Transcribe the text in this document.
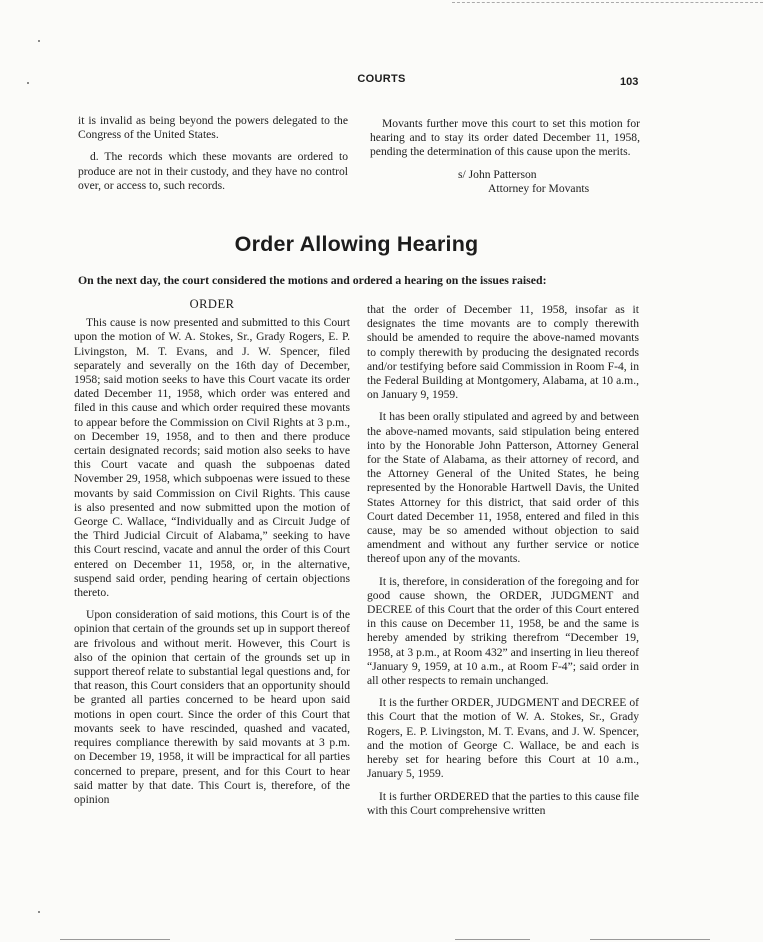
COURTS	103

it is invalid as being beyond the powers delegated to the Congress of the United States.

d. The records which these movants are ordered to produce are not in their custody, and they have no control over, or access to, such records.

Movants further move this court to set this motion for hearing and to stay its order dated December 11, 1958, pending the determination of this cause upon the merits.

s/ John Patterson
Attorney for Movants
Order Allowing Hearing
On the next day, the court considered the motions and ordered a hearing on the issues raised:
ORDER

This cause is now presented and submitted to this Court upon the motion of W. A. Stokes, Sr., Grady Rogers, E. P. Livingston, M. T. Evans, and J. W. Spencer, filed separately and severally on the 16th day of December, 1958; said motion seeks to have this Court vacate its order dated December 11, 1958, which order was entered and filed in this cause and which order required these movants to appear before the Commission on Civil Rights at 3 p.m., on December 19, 1958, and to then and there produce certain designated records; said motion also seeks to have this Court vacate and quash the subpoenas dated November 29, 1958, which subpoenas were issued to these movants by said Commission on Civil Rights. This cause is also presented and now submitted upon the motion of George C. Wallace, “Individually and as Circuit Judge of the Third Judicial Circuit of Alabama,” seeking to have this Court rescind, vacate and annul the order of this Court entered on December 11, 1958, or, in the alternative, suspend said order, pending hearing of certain objections thereto.

Upon consideration of said motions, this Court is of the opinion that certain of the grounds set up in support thereof are frivolous and without merit. However, this Court is also of the opinion that certain of the grounds set up in support thereof relate to substantial legal questions and, for that reason, this Court considers that an opportunity should be granted all parties concerned to be heard upon said motions in open court. Since the order of this Court that movants seek to have rescinded, quashed and vacated, requires compliance therewith by said movants at 3 p.m. on December 19, 1958, it will be impractical for all parties concerned to prepare, present, and for this Court to hear said matter by that date. This Court is, therefore, of the opinion

that the order of December 11, 1958, insofar as it designates the time movants are to comply therewith should be amended to require the above-named movants to comply therewith by producing the designated records and/or testifying before said Commission in Room F-4, in the Federal Building at Montgomery, Alabama, at 10 a.m., on January 9, 1959.

It has been orally stipulated and agreed by and between the above-named movants, said stipulation being entered into by the Honorable John Patterson, Attorney General for the State of Alabama, as their attorney of record, and the Attorney General of the United States, he being represented by the Honorable Hartwell Davis, the United States Attorney for this district, that said order of this Court dated December 11, 1958, entered and filed in this cause, may be so amended without objection to said amendment and without any further service or notice thereof upon any of the movants.

It is, therefore, in consideration of the foregoing and for good cause shown, the ORDER, JUDGMENT and DECREE of this Court that the order of this Court entered in this cause on December 11, 1958, be and the same is hereby amended by striking therefrom “December 19, 1958, at 3 p.m., at Room 432” and inserting in lieu thereof “January 9, 1959, at 10 a.m., at Room F-4”; said order in all other respects to remain unchanged.

It is the further ORDER, JUDGMENT and DECREE of this Court that the motion of W. A. Stokes, Sr., Grady Rogers, E. P. Livingston, M. T. Evans, and J. W. Spencer, and the motion of George C. Wallace, be and each is hereby set for hearing before this Court at 10 a.m., January 5, 1959.

It is further ORDERED that the parties to this cause file with this Court comprehensive written
